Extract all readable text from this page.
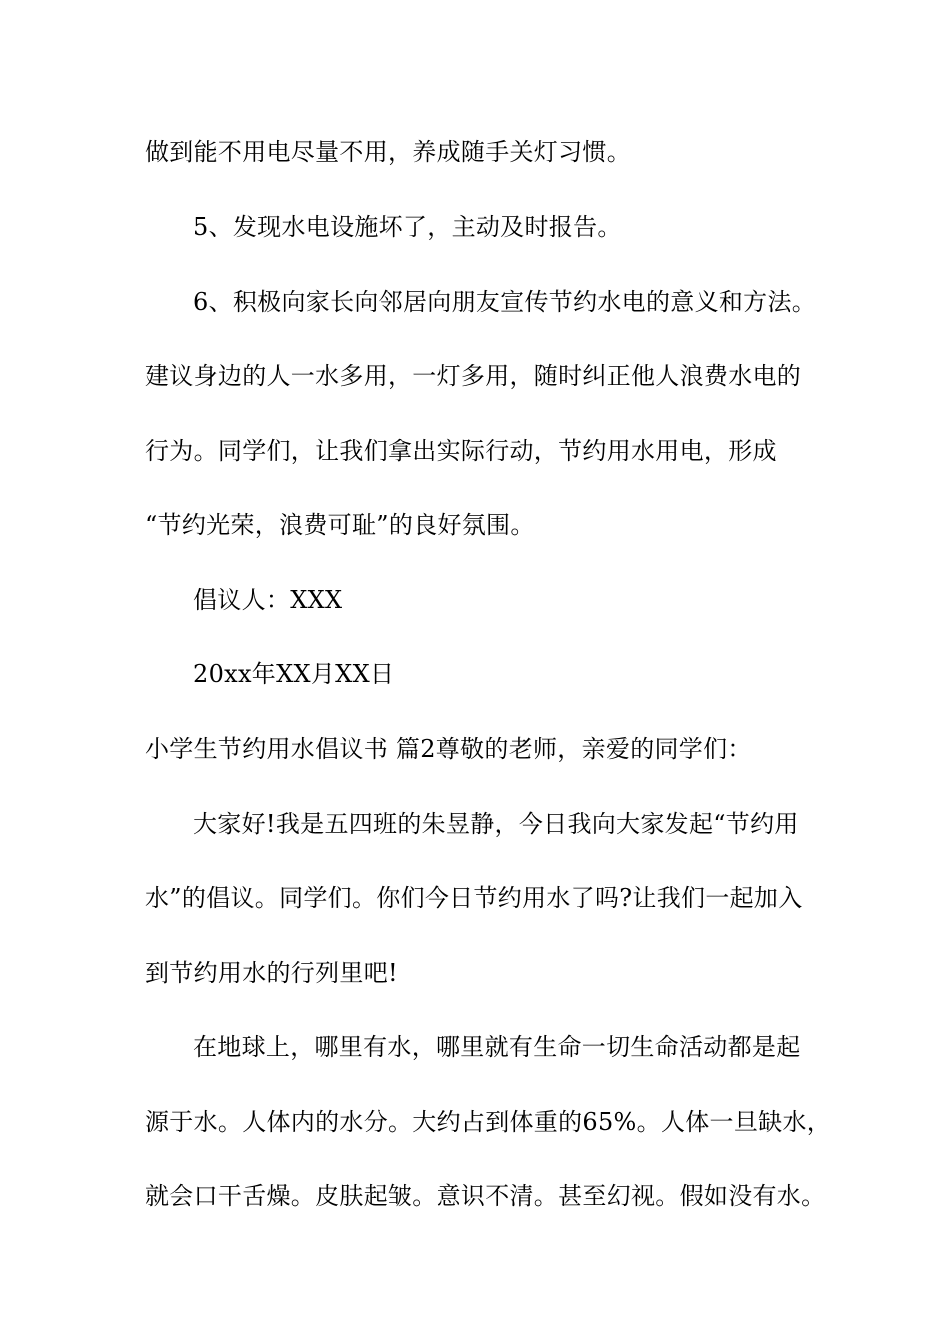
做到能不用电尽量不用，养成随手关灯习惯。
5、发现水电设施坏了，主动及时报告。
6、积极向家长向邻居向朋友宣传节约水电的意义和方法。
建议身边的人一水多用，一灯多用，随时纠正他人浪费水电的
行为。同学们，让我们拿出实际行动，节约用水用电，形成
“节约光荣，浪费可耻”的良好氛围。
倡议人：XXX
20xx年XX月XX日
小学生节约用水倡议书 篇2尊敬的老师，亲爱的同学们：
大家好!我是五四班的朱昱静，今日我向大家发起“节约用
水”的倡议。同学们。你们今日节约用水了吗?让我们一起加入
到节约用水的行列里吧!
在地球上，哪里有水，哪里就有生命一切生命活动都是起
源于水。人体内的水分。大约占到体重的65%。人体一旦缺水，
就会口干舌燥。皮肤起皱。意识不清。甚至幻视。假如没有水。
